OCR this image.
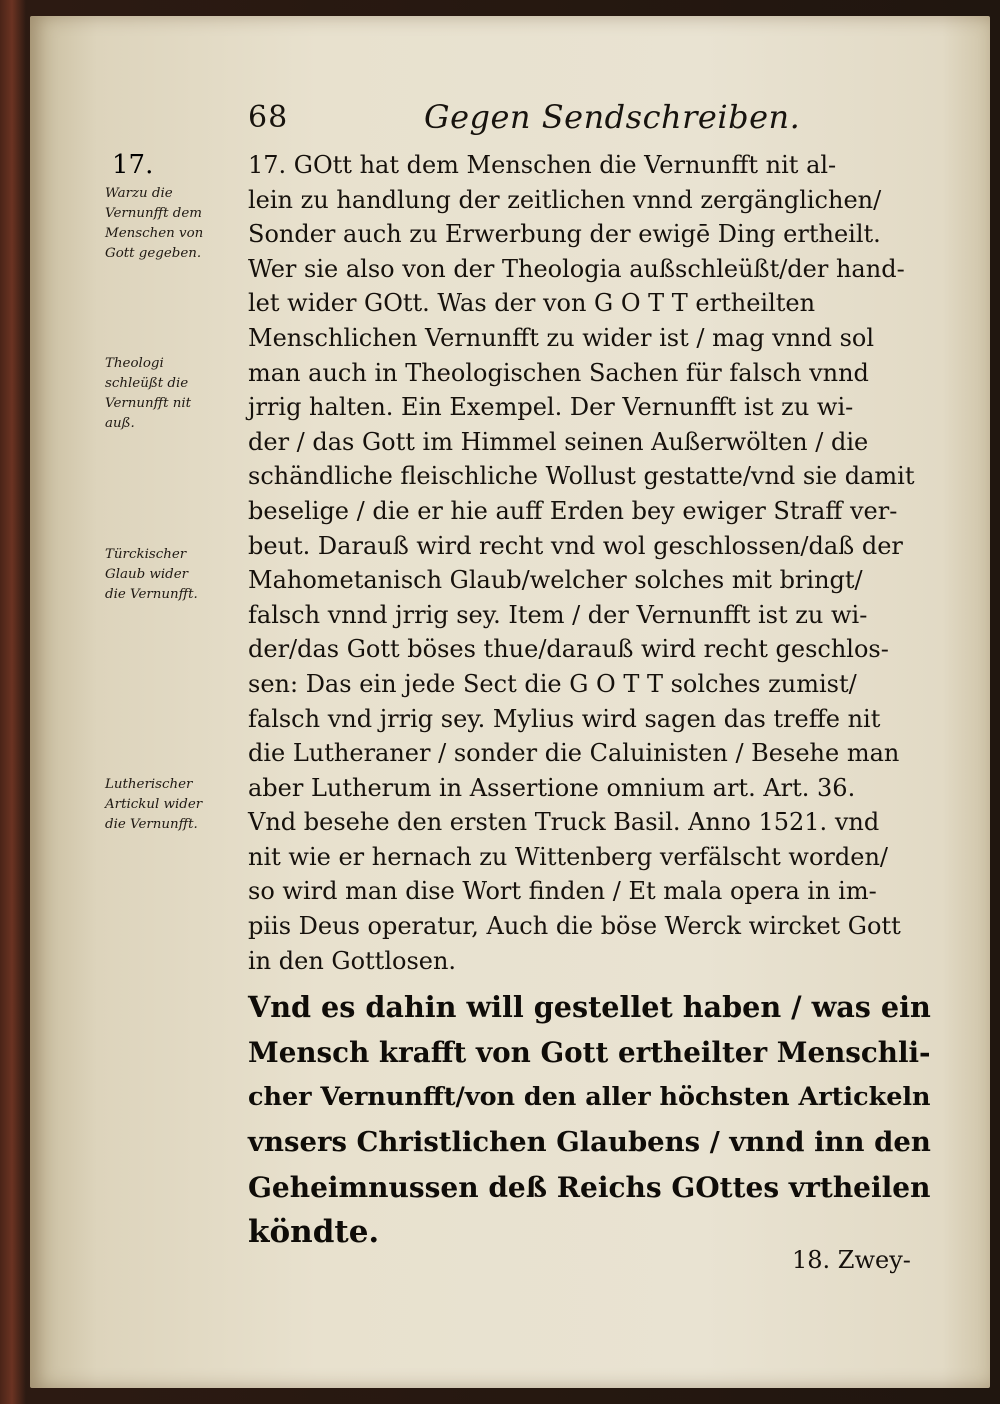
68	Gegen Sendschreiben.
17.
Warzu die
Vernunfft dem
Menschen von
Gott gegeben.
Theologi
schleüßt die
Vernunfft nit
auß.
Türckischer
Glaub wider
die Vernunfft.
Lutherischer
Artickul wider
die Vernunfft.
17. GOtt hat dem Menschen die Vernunfft nit al-
lein zu handlung der zeitlichen vnnd zergänglichen/
Sonder auch zu Erwerbung der ewigē Ding ertheilt.
Wer sie also von der Theologia außschleüßt/der hand-
let wider GOtt. Was der von G O T T ertheilten
Menschlichen Vernunfft zu wider ist / mag vnnd sol
man auch in Theologischen Sachen für falsch vnnd
jrrig halten. Ein Exempel. Der Vernunfft ist zu wi-
der / das Gott im Himmel seinen Außerwölten / die
schändliche fleischliche Wollust gestatte/vnd sie damit
beselige / die er hie auff Erden bey ewiger Straff ver-
beut. Darauß wird recht vnd wol geschlossen/daß der
Mahometanisch Glaub/welcher solches mit bringt/
falsch vnnd jrrig sey. Item / der Vernunfft ist zu wi-
der/das Gott böses thue/darauß wird recht geschlos-
sen: Das ein jede Sect die G O T T solches zumist/
falsch vnd jrrig sey. Mylius wird sagen das treffe nit
die Lutheraner / sonder die Caluinisten / Besehe man
aber Lutherum in Assertione omnium art. Art. 36.
Vnd besehe den ersten Truck Basil. Anno 1521. vnd
nit wie er hernach zu Wittenberg verfälscht worden/
so wird man dise Wort finden / Et mala opera in im-
piis Deus operatur, Auch die böse Werck wircket Gott
in den Gottlosen.
Vnd es dahin will gestellet haben / was ein
Mensch krafft von Gott ertheilter Menschli-
cher Vernunfft/von den aller höchsten Artickeln
vnsers Christlichen Glaubens / vnnd inn den
Geheimnussen deß Reichs GOttes vrtheilen
köndte.
18. Zwey-
